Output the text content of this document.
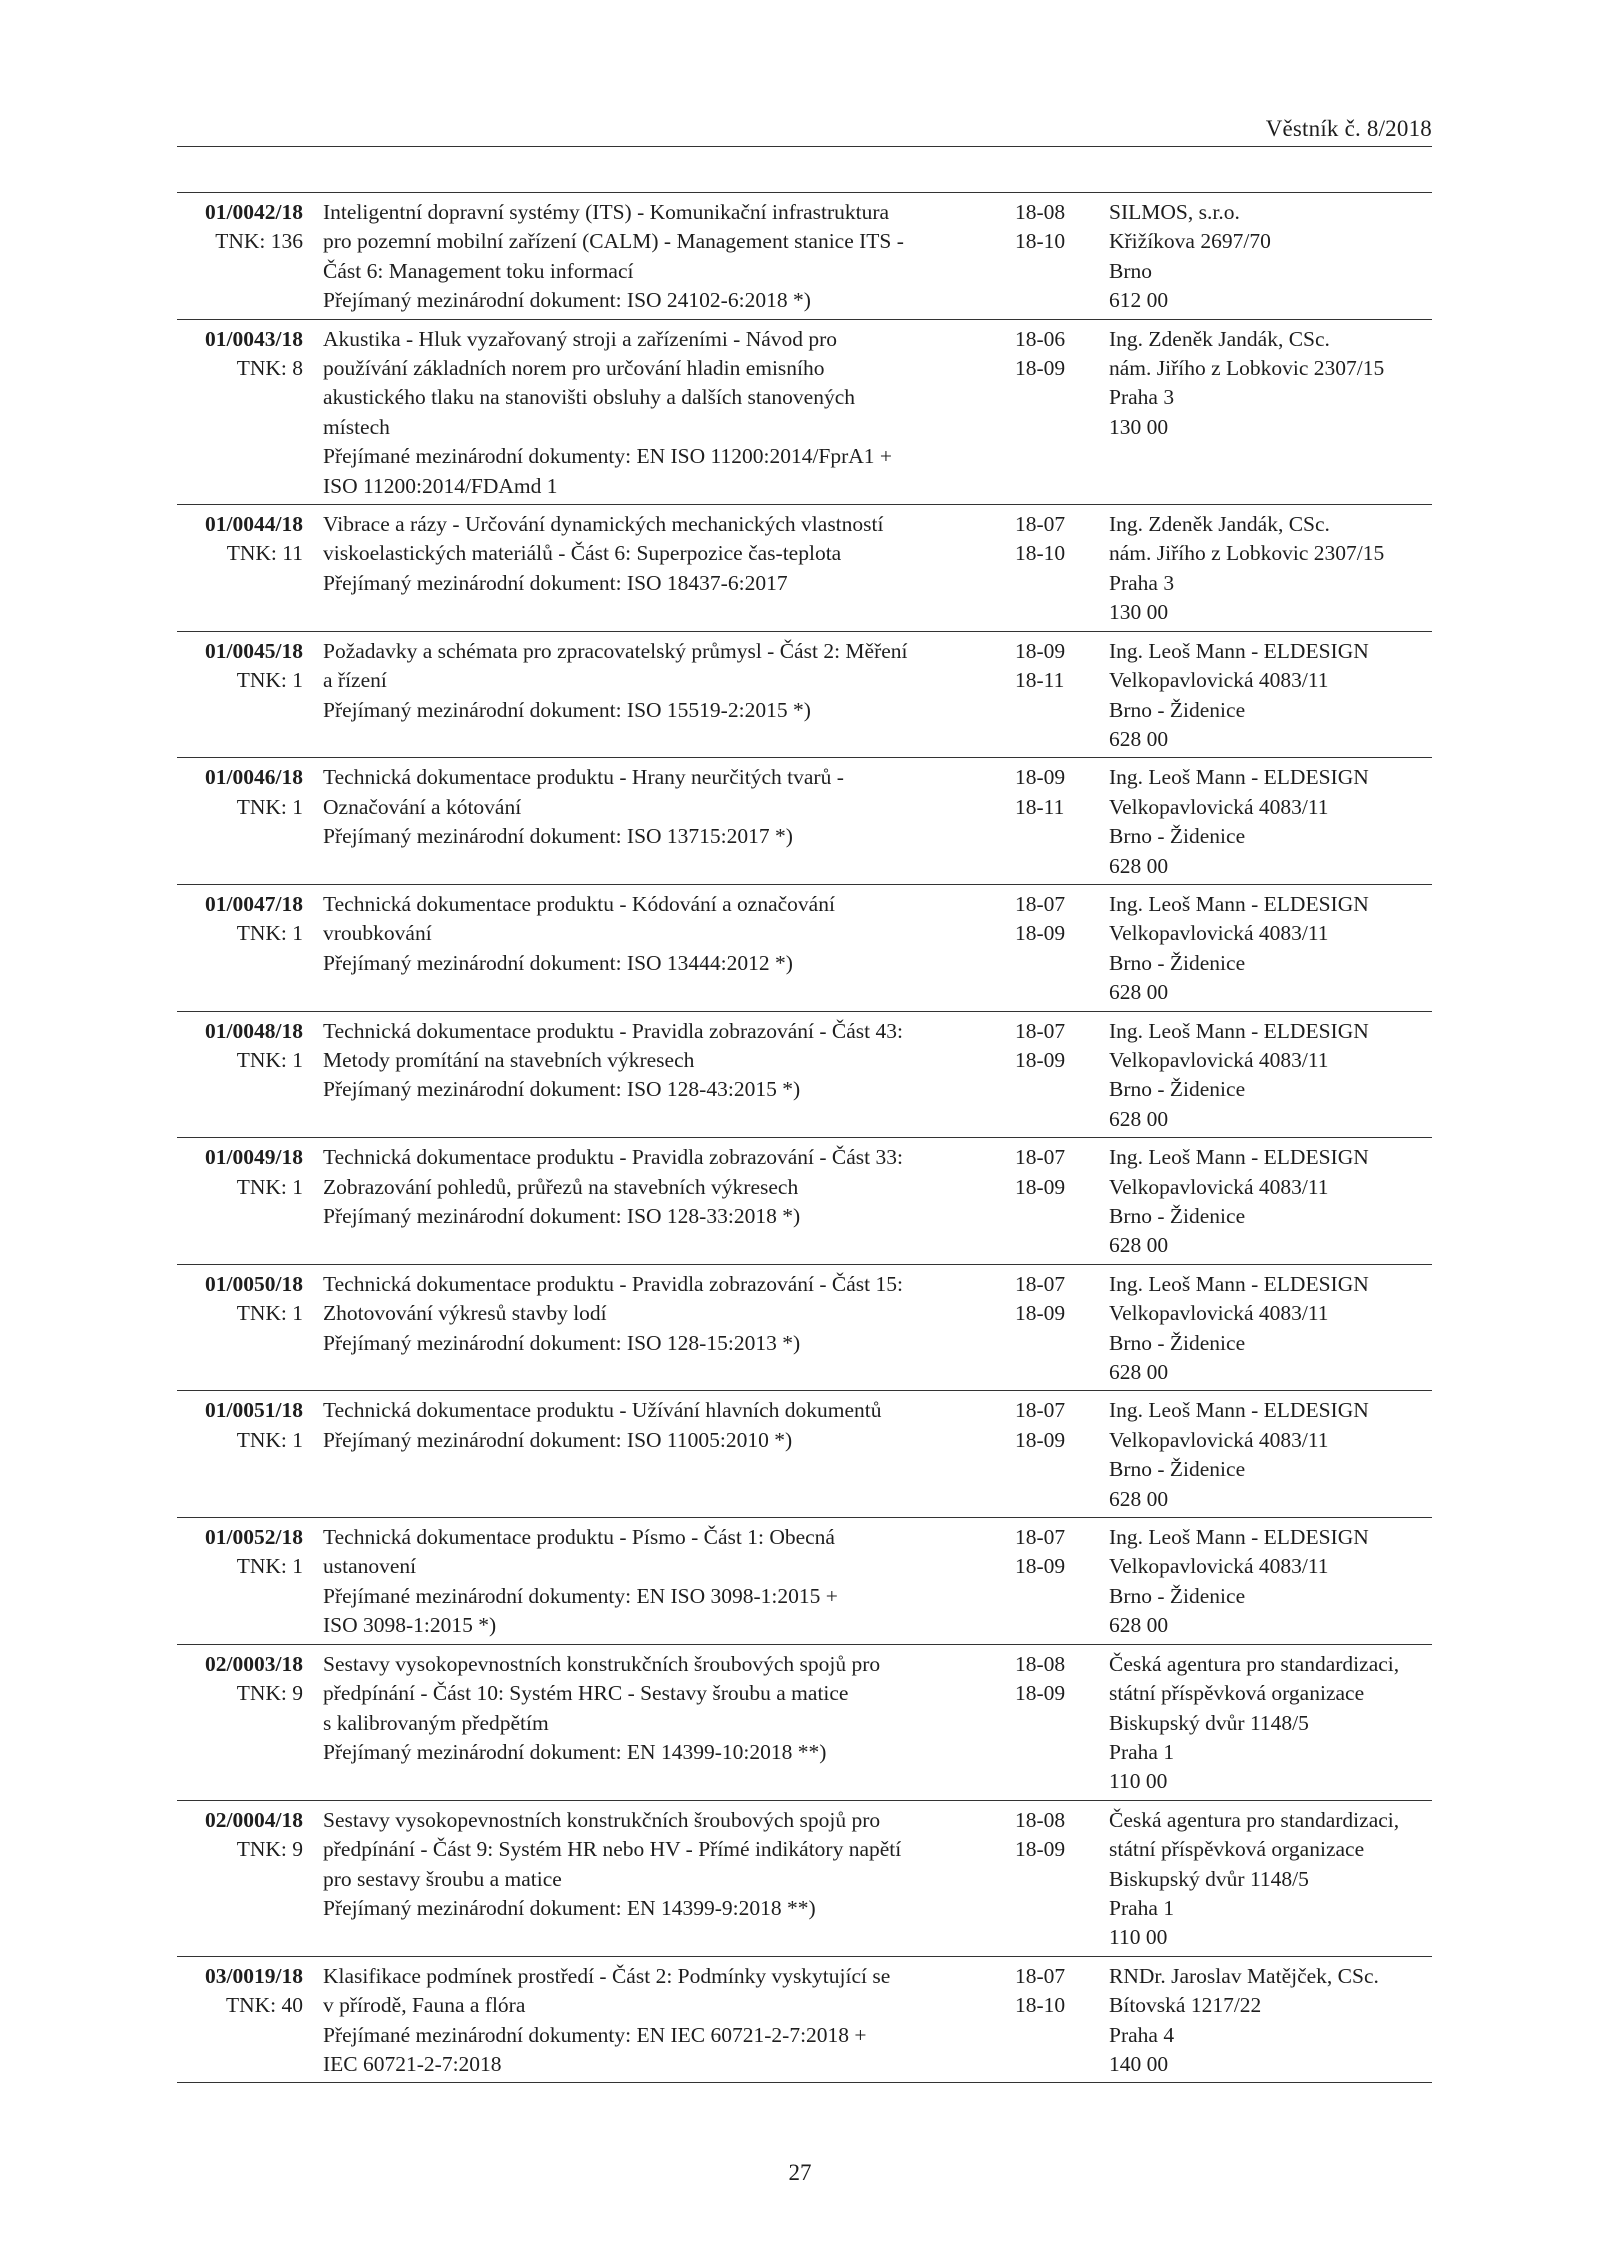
Věstník č. 8/2018
01/0042/18
TNK: 136
Inteligentní dopravní systémy (ITS) - Komunikační infrastruktura
pro pozemní mobilní zařízení (CALM) - Management stanice ITS -
Část 6: Management toku informací
Přejímaný mezinárodní dokument: ISO 24102-6:2018 *)
18-08
18-10
SILMOS, s.r.o.
Křižíkova 2697/70
Brno
612 00
01/0043/18
TNK: 8
Akustika - Hluk vyzařovaný stroji a zařízeními - Návod pro
používání základních norem pro určování hladin emisního
akustického tlaku na stanovišti obsluhy a dalších stanovených
místech
Přejímané mezinárodní dokumenty: EN ISO 11200:2014/FprA1 +
ISO 11200:2014/FDAmd 1
18-06
18-09
Ing. Zdeněk Jandák, CSc.
nám. Jiřího z Lobkovic 2307/15
Praha 3
130 00
01/0044/18
TNK: 11
Vibrace a rázy - Určování dynamických mechanických vlastností
viskoelastických materiálů - Část 6: Superpozice čas-teplota
Přejímaný mezinárodní dokument: ISO 18437-6:2017
18-07
18-10
Ing. Zdeněk Jandák, CSc.
nám. Jiřího z Lobkovic 2307/15
Praha 3
130 00
01/0045/18
TNK: 1
Požadavky a schémata pro zpracovatelský průmysl - Část 2: Měření
a řízení
Přejímaný mezinárodní dokument: ISO 15519-2:2015 *)
18-09
18-11
Ing. Leoš Mann - ELDESIGN
Velkopavlovická 4083/11
Brno - Židenice
628 00
01/0046/18
TNK: 1
Technická dokumentace produktu - Hrany neurčitých tvarů -
Označování a kótování
Přejímaný mezinárodní dokument: ISO 13715:2017 *)
18-09
18-11
Ing. Leoš Mann - ELDESIGN
Velkopavlovická 4083/11
Brno - Židenice
628 00
01/0047/18
TNK: 1
Technická dokumentace produktu - Kódování a označování
vroubkování
Přejímaný mezinárodní dokument: ISO 13444:2012 *)
18-07
18-09
Ing. Leoš Mann - ELDESIGN
Velkopavlovická 4083/11
Brno - Židenice
628 00
01/0048/18
TNK: 1
Technická dokumentace produktu - Pravidla zobrazování - Část 43:
Metody promítání na stavebních výkresech
Přejímaný mezinárodní dokument: ISO 128-43:2015 *)
18-07
18-09
Ing. Leoš Mann - ELDESIGN
Velkopavlovická 4083/11
Brno - Židenice
628 00
01/0049/18
TNK: 1
Technická dokumentace produktu - Pravidla zobrazování - Část 33:
Zobrazování pohledů, průřezů na stavebních výkresech
Přejímaný mezinárodní dokument: ISO 128-33:2018 *)
18-07
18-09
Ing. Leoš Mann - ELDESIGN
Velkopavlovická 4083/11
Brno - Židenice
628 00
01/0050/18
TNK: 1
Technická dokumentace produktu - Pravidla zobrazování - Část 15:
Zhotovování výkresů stavby lodí
Přejímaný mezinárodní dokument: ISO 128-15:2013 *)
18-07
18-09
Ing. Leoš Mann - ELDESIGN
Velkopavlovická 4083/11
Brno - Židenice
628 00
01/0051/18
TNK: 1
Technická dokumentace produktu - Užívání hlavních dokumentů
Přejímaný mezinárodní dokument: ISO 11005:2010 *)
18-07
18-09
Ing. Leoš Mann - ELDESIGN
Velkopavlovická 4083/11
Brno - Židenice
628 00
01/0052/18
TNK: 1
Technická dokumentace produktu - Písmo - Část 1: Obecná
ustanovení
Přejímané mezinárodní dokumenty: EN ISO 3098-1:2015 +
ISO 3098-1:2015 *)
18-07
18-09
Ing. Leoš Mann - ELDESIGN
Velkopavlovická 4083/11
Brno - Židenice
628 00
02/0003/18
TNK: 9
Sestavy vysokopevnostních konstrukčních šroubových spojů pro
předpínání - Část 10: Systém HRC - Sestavy šroubu a matice
s kalibrovaným předpětím
Přejímaný mezinárodní dokument: EN 14399-10:2018 **)
18-08
18-09
Česká agentura pro standardizaci,
státní příspěvková organizace
Biskupský dvůr 1148/5
Praha 1
110 00
02/0004/18
TNK: 9
Sestavy vysokopevnostních konstrukčních šroubových spojů pro
předpínání - Část 9: Systém HR nebo HV - Přímé indikátory napětí
pro sestavy šroubu a matice
Přejímaný mezinárodní dokument: EN 14399-9:2018 **)
18-08
18-09
Česká agentura pro standardizaci,
státní příspěvková organizace
Biskupský dvůr 1148/5
Praha 1
110 00
03/0019/18
TNK: 40
Klasifikace podmínek prostředí - Část 2: Podmínky vyskytující se
v přírodě, Fauna a flóra
Přejímané mezinárodní dokumenty: EN IEC 60721-2-7:2018 +
IEC 60721-2-7:2018
18-07
18-10
RNDr. Jaroslav Matějček, CSc.
Bítovská 1217/22
Praha 4
140 00
27
